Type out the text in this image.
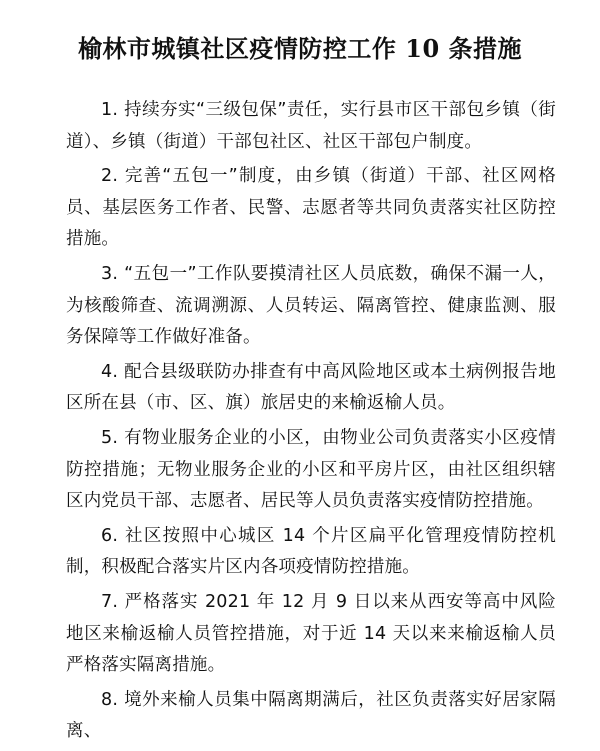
榆林市城镇社区疫情防控工作 10 条措施

1. 持续夯实“三级包保”责任，实行县市区干部包乡镇（街道）、乡镇（街道）干部包社区、社区干部包户制度。

2. 完善“五包一”制度，由乡镇（街道）干部、社区网格员、基层医务工作者、民警、志愿者等共同负责落实社区防控措施。

3. “五包一”工作队要摸清社区人员底数，确保不漏一人，为核酸筛查、流调溯源、人员转运、隔离管控、健康监测、服务保障等工作做好准备。

4. 配合县级联防办排查有中高风险地区或本土病例报告地区所在县（市、区、旗）旅居史的来榆返榆人员。

5. 有物业服务企业的小区，由物业公司负责落实小区疫情防控措施；无物业服务企业的小区和平房片区，由社区组织辖区内党员干部、志愿者、居民等人员负责落实疫情防控措施。

6. 社区按照中心城区 14 个片区扁平化管理疫情防控机制，积极配合落实片区内各项疫情防控措施。

7. 严格落实 2021 年 12 月 9 日以来从西安等高中风险地区来榆返榆人员管控措施，对于近 14 天以来来榆返榆人员严格落实隔离措施。

8. 境外来榆人员集中隔离期满后，社区负责落实好居家隔离、
